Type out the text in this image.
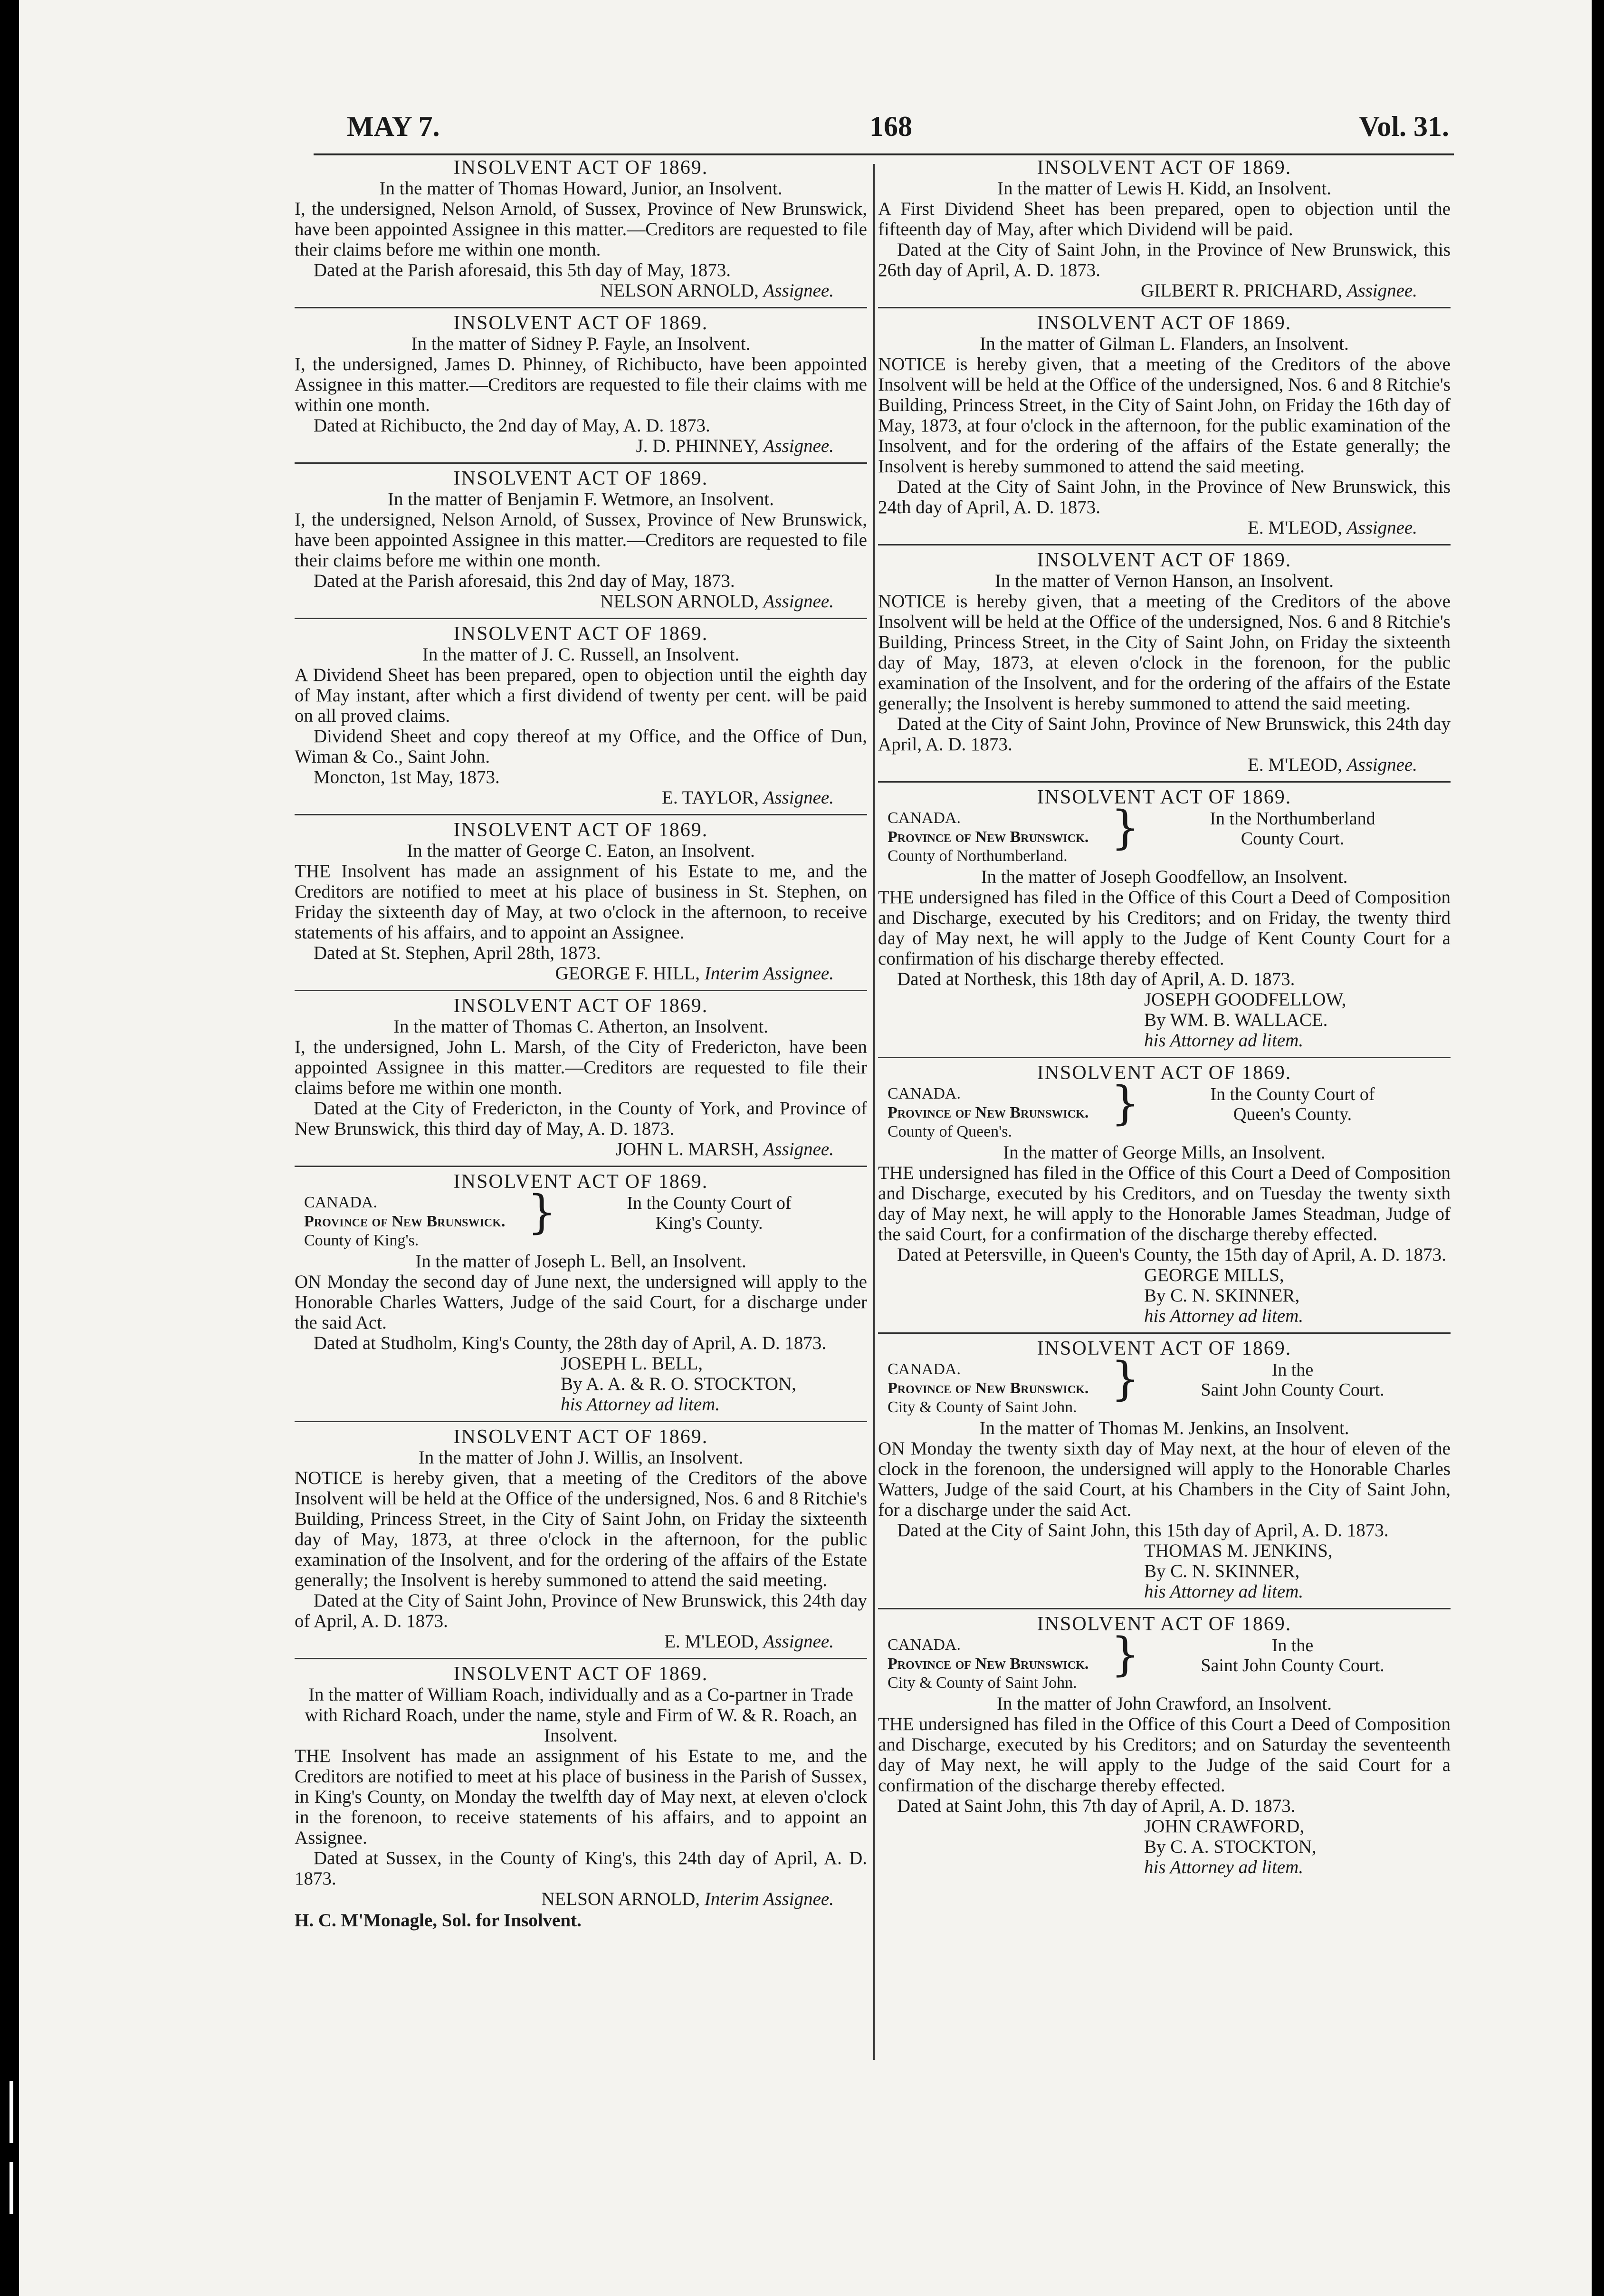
MAY 7.	168	Vol. 31.
INSOLVENT ACT OF 1869.
In the matter of Thomas Howard, Junior, an Insolvent.
I, the undersigned, Nelson Arnold, of Sussex, Province of New Brunswick, have been appointed Assignee in this matter.—Creditors are requested to file their claims before me within one month.
Dated at the Parish aforesaid, this 5th day of May, 1873.
NELSON ARNOLD, Assignee.
INSOLVENT ACT OF 1869.
In the matter of Sidney P. Fayle, an Insolvent.
I, the undersigned, James D. Phinney, of Richibucto, have been appointed Assignee in this matter.—Creditors are requested to file their claims with me within one month.
Dated at Richibucto, the 2nd day of May, A. D. 1873.
J. D. PHINNEY, Assignee.
INSOLVENT ACT OF 1869.
In the matter of Benjamin F. Wetmore, an Insolvent.
I, the undersigned, Nelson Arnold, of Sussex, Province of New Brunswick, have been appointed Assignee in this matter.—Creditors are requested to file their claims before me within one month.
Dated at the Parish aforesaid, this 2nd day of May, 1873.
NELSON ARNOLD, Assignee.
INSOLVENT ACT OF 1869.
In the matter of J. C. Russell, an Insolvent.
A Dividend Sheet has been prepared, open to objection until the eighth day of May instant, after which a first dividend of twenty per cent. will be paid on all proved claims.
Dividend Sheet and copy thereof at my Office, and the Office of Dun, Wiman & Co., Saint John.
Moncton, 1st May, 1873.
E. TAYLOR, Assignee.
INSOLVENT ACT OF 1869.
In the matter of George C. Eaton, an Insolvent.
THE Insolvent has made an assignment of his Estate to me, and the Creditors are notified to meet at his place of business in St. Stephen, on Friday the sixteenth day of May, at two o'clock in the afternoon, to receive statements of his affairs, and to appoint an Assignee.
Dated at St. Stephen, April 28th, 1873.
GEORGE F. HILL, Interim Assignee.
INSOLVENT ACT OF 1869.
In the matter of Thomas C. Atherton, an Insolvent.
I, the undersigned, John L. Marsh, of the City of Fredericton, have been appointed Assignee in this matter.—Creditors are requested to file their claims before me within one month.
Dated at the City of Fredericton, in the County of York, and Province of New Brunswick, this third day of May, A. D. 1873.
JOHN L. MARSH, Assignee.
INSOLVENT ACT OF 1869.
CANADA.
Province of New Brunswick.
County of King's.
}	In the County Court of
King's County.
In the matter of Joseph L. Bell, an Insolvent.
ON Monday the second day of June next, the undersigned will apply to the Honorable Charles Watters, Judge of the said Court, for a discharge under the said Act.
Dated at Studholm, King's County, the 28th day of April, A. D. 1873.
JOSEPH L. BELL,
By A. A. & R. O. STOCKTON,
his Attorney ad litem.
INSOLVENT ACT OF 1869.
In the matter of John J. Willis, an Insolvent.
NOTICE is hereby given, that a meeting of the Creditors of the above Insolvent will be held at the Office of the undersigned, Nos. 6 and 8 Ritchie's Building, Princess Street, in the City of Saint John, on Friday the sixteenth day of May, 1873, at three o'clock in the afternoon, for the public examination of the Insolvent, and for the ordering of the affairs of the Estate generally; the Insolvent is hereby summoned to attend the said meeting.
Dated at the City of Saint John, Province of New Brunswick, this 24th day of April, A. D. 1873.
E. M'LEOD, Assignee.
INSOLVENT ACT OF 1869.
In the matter of William Roach, individually and as a Co-partner in Trade with Richard Roach, under the name, style and Firm of W. & R. Roach, an Insolvent.
THE Insolvent has made an assignment of his Estate to me, and the Creditors are notified to meet at his place of business in the Parish of Sussex, in King's County, on Monday the twelfth day of May next, at eleven o'clock in the forenoon, to receive statements of his affairs, and to appoint an Assignee.
Dated at Sussex, in the County of King's, this 24th day of April, A. D. 1873.
NELSON ARNOLD, Interim Assignee.
H. C. M'Monagle, Sol. for Insolvent.
INSOLVENT ACT OF 1869.
In the matter of Lewis H. Kidd, an Insolvent.
A First Dividend Sheet has been prepared, open to objection until the fifteenth day of May, after which Dividend will be paid.
Dated at the City of Saint John, in the Province of New Brunswick, this 26th day of April, A. D. 1873.
GILBERT R. PRICHARD, Assignee.
INSOLVENT ACT OF 1869.
In the matter of Gilman L. Flanders, an Insolvent.
NOTICE is hereby given, that a meeting of the Creditors of the above Insolvent will be held at the Office of the undersigned, Nos. 6 and 8 Ritchie's Building, Princess Street, in the City of Saint John, on Friday the 16th day of May, 1873, at four o'clock in the afternoon, for the public examination of the Insolvent, and for the ordering of the affairs of the Estate generally; the Insolvent is hereby summoned to attend the said meeting.
Dated at the City of Saint John, in the Province of New Brunswick, this 24th day of April, A. D. 1873.
E. M'LEOD, Assignee.
INSOLVENT ACT OF 1869.
In the matter of Vernon Hanson, an Insolvent.
NOTICE is hereby given, that a meeting of the Creditors of the above Insolvent will be held at the Office of the undersigned, Nos. 6 and 8 Ritchie's Building, Princess Street, in the City of Saint John, on Friday the sixteenth day of May, 1873, at eleven o'clock in the forenoon, for the public examination of the Insolvent, and for the ordering of the affairs of the Estate generally; the Insolvent is hereby summoned to attend the said meeting.
Dated at the City of Saint John, Province of New Brunswick, this 24th day April, A. D. 1873.
E. M'LEOD, Assignee.
INSOLVENT ACT OF 1869.
CANADA.
Province of New Brunswick.
County of Northumberland.
}	In the Northumberland
County Court.
In the matter of Joseph Goodfellow, an Insolvent.
THE undersigned has filed in the Office of this Court a Deed of Composition and Discharge, executed by his Creditors; and on Friday, the twenty third day of May next, he will apply to the Judge of Kent County Court for a confirmation of his discharge thereby effected.
Dated at Northesk, this 18th day of April, A. D. 1873.
JOSEPH GOODFELLOW,
By WM. B. WALLACE.
his Attorney ad litem.
INSOLVENT ACT OF 1869.
CANADA.
Province of New Brunswick.
County of Queen's.
}	In the County Court of
Queen's County.
In the matter of George Mills, an Insolvent.
THE undersigned has filed in the Office of this Court a Deed of Composition and Discharge, executed by his Creditors, and on Tuesday the twenty sixth day of May next, he will apply to the Honorable James Steadman, Judge of the said Court, for a confirmation of the discharge thereby effected.
Dated at Petersville, in Queen's County, the 15th day of April, A. D. 1873.
GEORGE MILLS,
By C. N. SKINNER,
his Attorney ad litem.
INSOLVENT ACT OF 1869.
CANADA.
Province of New Brunswick.
City & County of Saint John.
}	In the
Saint John County Court.
In the matter of Thomas M. Jenkins, an Insolvent.
ON Monday the twenty sixth day of May next, at the hour of eleven of the clock in the forenoon, the undersigned will apply to the Honorable Charles Watters, Judge of the said Court, at his Chambers in the City of Saint John, for a discharge under the said Act.
Dated at the City of Saint John, this 15th day of April, A. D. 1873.
THOMAS M. JENKINS,
By C. N. SKINNER,
his Attorney ad litem.
INSOLVENT ACT OF 1869.
CANADA.
Province of New Brunswick.
City & County of Saint John.
}	In the
Saint John County Court.
In the matter of John Crawford, an Insolvent.
THE undersigned has filed in the Office of this Court a Deed of Composition and Discharge, executed by his Creditors; and on Saturday the seventeenth day of May next, he will apply to the Judge of the said Court for a confirmation of the discharge thereby effected.
Dated at Saint John, this 7th day of April, A. D. 1873.
JOHN CRAWFORD,
By C. A. STOCKTON,
his Attorney ad litem.
